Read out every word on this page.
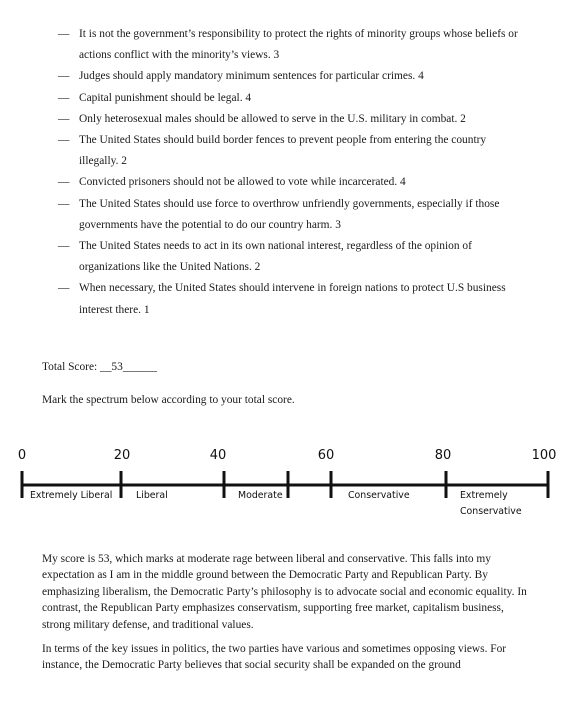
— It is not the government’s responsibility to protect the rights of minority groups whose beliefs or actions conflict with the minority’s views. 3
— Judges should apply mandatory minimum sentences for particular crimes. 4
— Capital punishment should be legal. 4
— Only heterosexual males should be allowed to serve in the U.S. military in combat. 2
— The United States should build border fences to prevent people from entering the country illegally. 2
— Convicted prisoners should not be allowed to vote while incarcerated. 4
— The United States should use force to overthrow unfriendly governments, especially if those governments have the potential to do our country harm. 3
— The United States needs to act in its own national interest, regardless of the opinion of organizations like the United Nations. 2
— When necessary, the United States should intervene in foreign nations to protect U.S business interest there. 1
Total Score: __53______
Mark the spectrum below according to your total score.
0	20	40	60	80	100
Extremely Liberal	Liberal	Moderate	Conservative	Extremely
Conservative

My score is 53, which marks at moderate rage between liberal and conservative. This falls into my expectation as I am in the middle ground between the Democratic Party and Republican Party. By emphasizing liberalism, the Democratic Party’s philosophy is to advocate social and economic equality. In contrast, the Republican Party emphasizes conservatism, supporting free market, capitalism business, strong military defense, and traditional values.

In terms of the key issues in politics, the two parties have various and sometimes opposing views. For instance, the Democratic Party believes that social security shall be expanded on the ground
